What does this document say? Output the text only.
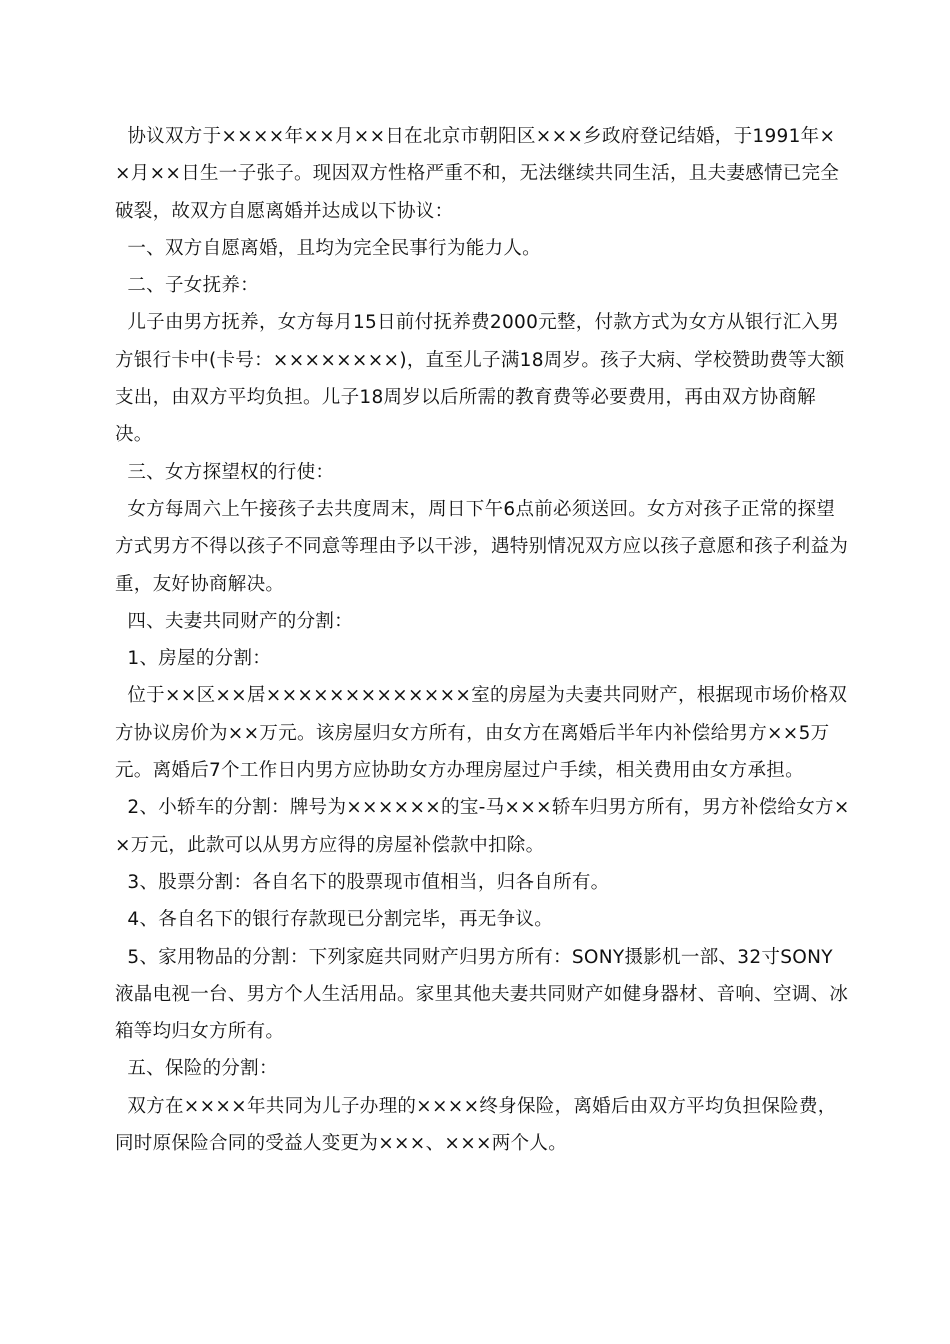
协议双方于××××年××月××日在北京市朝阳区×××乡政府登记结婚，于1991年××月××日生一子张子。现因双方性格严重不和，无法继续共同生活，且夫妻感情已完全破裂，故双方自愿离婚并达成以下协议：

一、双方自愿离婚，且均为完全民事行为能力人。

二、子女抚养：

儿子由男方抚养，女方每月15日前付抚养费2000元整，付款方式为女方从银行汇入男方银行卡中(卡号：××××××××)，直至儿子满18周岁。孩子大病、学校赞助费等大额支出，由双方平均负担。儿子18周岁以后所需的教育费等必要费用，再由双方协商解决。

三、女方探望权的行使：

女方每周六上午接孩子去共度周末，周日下午6点前必须送回。女方对孩子正常的探望方式男方不得以孩子不同意等理由予以干涉，遇特别情况双方应以孩子意愿和孩子利益为重，友好协商解决。

四、夫妻共同财产的分割：

1、房屋的分割：

位于××区××居×××××××××××××室的房屋为夫妻共同财产，根据现市场价格双方协议房价为××万元。该房屋归女方所有，由女方在离婚后半年内补偿给男方××5万元。离婚后7个工作日内男方应协助女方办理房屋过户手续，相关费用由女方承担。

2、小轿车的分割：牌号为××××××的宝-马×××轿车归男方所有，男方补偿给女方××万元，此款可以从男方应得的房屋补偿款中扣除。

3、股票分割：各自名下的股票现市值相当，归各自所有。

4、各自名下的银行存款现已分割完毕，再无争议。

5、家用物品的分割：下列家庭共同财产归男方所有：SONY摄影机一部、32寸SONY液晶电视一台、男方个人生活用品。家里其他夫妻共同财产如健身器材、音响、空调、冰箱等均归女方所有。

五、保险的分割：

双方在××××年共同为儿子办理的××××终身保险，离婚后由双方平均负担保险费，同时原保险合同的受益人变更为×××、×××两个人。
